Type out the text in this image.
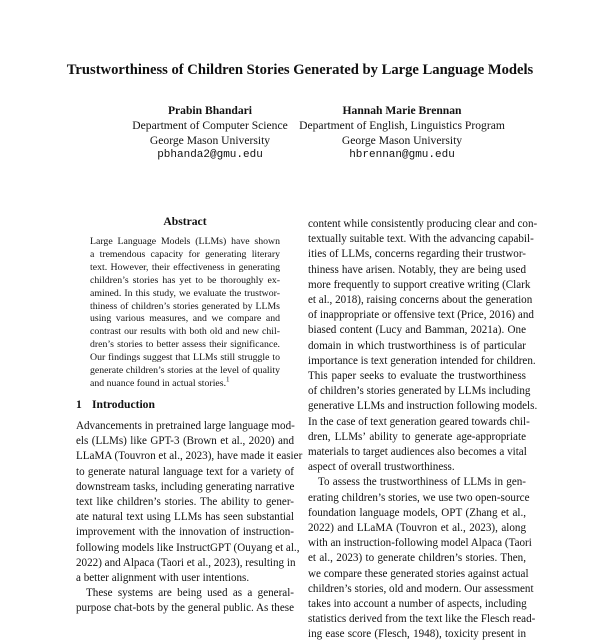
Trustworthiness of Children Stories Generated by Large Language Models
Prabin Bhandari
Department of Computer Science
George Mason University
pbhanda2@gmu.edu
Hannah Marie Brennan
Department of English, Linguistics Program
George Mason University
hbrennan@gmu.edu
Abstract

Large Language Models (LLMs) have shown
a tremendous capacity for generating literary
text. However, their effectiveness in generating
children’s stories has yet to be thoroughly ex-
amined. In this study, we evaluate the trustwor-
thiness of children’s stories generated by LLMs
using various measures, and we compare and
contrast our results with both old and new chil-
dren’s stories to better assess their significance.
Our findings suggest that LLMs still struggle to
generate children’s stories at the level of quality
and nuance found in actual stories.$^1$

1 Introduction

Advancements in pretrained large language mod-
els (LLMs) like GPT-3 (Brown et al., 2020) and
LLaMA (Touvron et al., 2023), have made it easier
to generate natural language text for a variety of
downstream tasks, including generating narrative
text like children’s stories. The ability to gener-
ate natural text using LLMs has seen substantial
improvement with the innovation of instruction-
following models like InstructGPT (Ouyang et al.,
2022) and Alpaca (Taori et al., 2023), resulting in
a better alignment with user intentions.

These systems are being used as a general-
purpose chat-bots by the general public. As these

content while consistently producing clear and con-
textually suitable text. With the advancing capabil-
ities of LLMs, concerns regarding their trustwor-
thiness have arisen. Notably, they are being used
more frequently to support creative writing (Clark
et al., 2018), raising concerns about the generation
of inappropriate or offensive text (Price, 2016) and
biased content (Lucy and Bamman, 2021a). One
domain in which trustworthiness is of particular
importance is text generation intended for children.
This paper seeks to evaluate the trustworthiness
of children’s stories generated by LLMs including
generative LLMs and instruction following models.
In the case of text generation geared towards chil-
dren, LLMs’ ability to generate age-appropriate
materials to target audiences also becomes a vital
aspect of overall trustworthiness.

To assess the trustworthiness of LLMs in gen-
erating children’s stories, we use two open-source
foundation language models, OPT (Zhang et al.,
2022) and LLaMA (Touvron et al., 2023), along
with an instruction-following model Alpaca (Taori
et al., 2023) to generate children’s stories. Then,
we compare these generated stories against actual
children’s stories, old and modern. Our assessment
takes into account a number of aspects, including
statistics derived from the text like the Flesch read-
ing ease score (Flesch, 1948), toxicity present in
